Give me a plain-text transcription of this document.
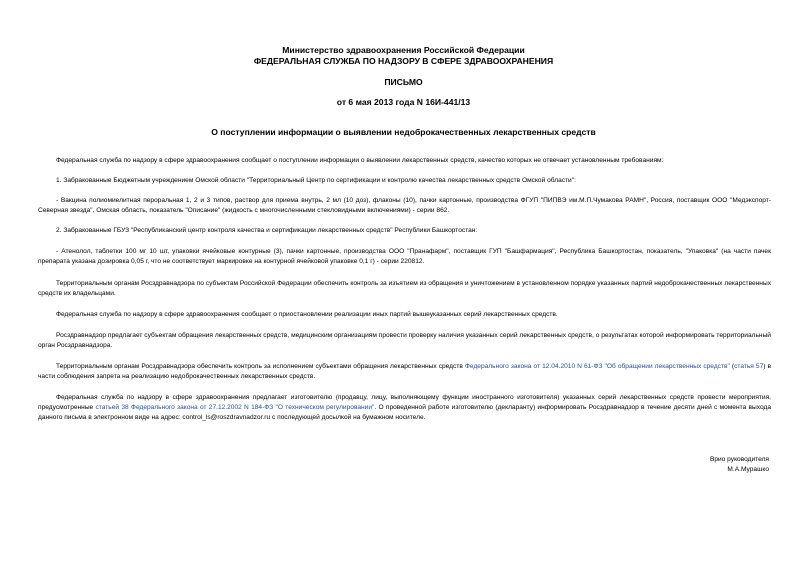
Министерство здравоохранения Российской Федерации
ФЕДЕРАЛЬНАЯ СЛУЖБА ПО НАДЗОРУ В СФЕРЕ ЗДРАВООХРАНЕНИЯ
ПИСЬМО
от 6 мая 2013 года N 16И-441/13
О поступлении информации о выявлении недоброкачественных лекарственных средств
Федеральная служба по надзору в сфере здравоохранения сообщает о поступлении информации о выявлении лекарственных средств, качество которых не отвечает установленным требованиям:
1. Забракованные Бюджетным учреждением Омской области "Территориальный Центр по сертификации и контролю качества лекарственных средств Омской области":
- Вакцина полиомиелитная пероральная 1, 2 и 3 типов, раствор для приема внутрь, 2 мл (10 доз), флаконы (10), пачки картонные, производства ФГУП "ПИПВЭ им.М.П.Чумакова РАМН", Россия, поставщик ООО "Медэкспорт-Северная звезда", Омская область, показатель "Описание" (жидкость с многочисленными стекловидными включениями) - серии 862.
2. Забракованные ГБУЗ "Республиканский центр контроля качества и сертификации лекарственных средств" Республики Башкортостан:
- Атенолол, таблетки 100 мг 10 шт, упаковки ячейковые контурные (3), пачки картонные, производства ООО "Пранафарм", поставщик ГУП "Башфармация", Республика Башкортостан, показатель, "Упаковка" (на части пачек препарата указана дозировка 0,05 г, что не соответствует маркировке на контурной ячейковой упаковке 0,1 г) - серии 220812.
Территориальным органам Росздравнадзора по субъектам Российской Федерации обеспечить контроль за изъятием из обращения и уничтожением в установленном порядке указанных партий недоброкачественных лекарственных средств их владельцами.
Федеральная служба по надзору в сфере здравоохранения сообщает о приостановлении реализации иных партий вышеуказанных серий лекарственных средств.
Росздравнадзор предлагает субъектам обращения лекарственных средств, медицинским организациям провести проверку наличия указанных серий лекарственных средств, о результатах которой информировать территориальный орган Росздравнадзора.
Территориальным органам Росздравнадзора обеспечить контроль за исполнением субъектами обращения лекарственных средств Федерального закона от 12.04.2010 N 61-ФЗ "Об обращении лекарственных средств" (статья 57) в части соблюдения запрета на реализацию недоброкачественных лекарственных средств.
Федеральная служба по надзору в сфере здравоохранения предлагает изготовителю (продавцу, лицу, выполняющему функции иностранного изготовителя) указанных серий лекарственных средств провести мероприятия, предусмотренные статьей 38 Федерального закона от 27.12.2002 N 184-ФЗ "О техническом регулировании". О проведенной работе изготовителю (декларанту) информировать Росздравнадзор в течение десяти дней с момента выхода данного письма в электронном виде на адрес: control_ls@roszdravnadzor.ru с последующей досылкой на бумажном носителе.
Врио руководителя
М.А.Мурашко
